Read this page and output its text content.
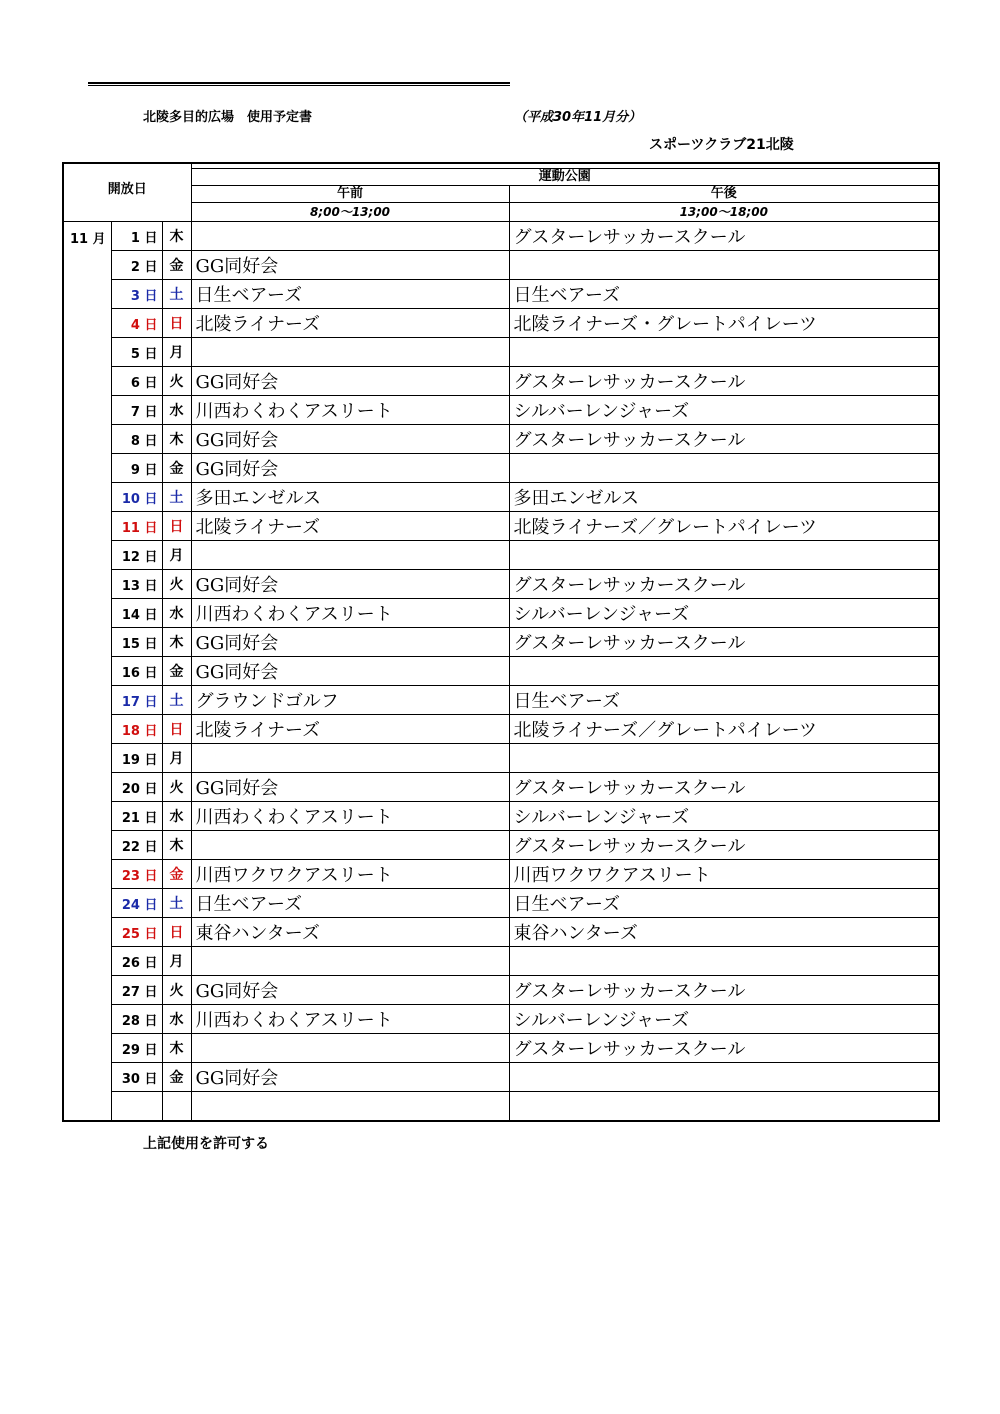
北陵多目的広場　使用予定書	（平成30年11月分）
スポーツクラブ21北陵
開放日				
			運動公園	
			午前	午後
			8;00～13;00	13;00～18;00
11 月	1 日	木		グスターレサッカースクール
	2 日	金	GG同好会	
	3 日	土	日生ベアーズ	日生ベアーズ
	4 日	日	北陵ライナーズ	北陵ライナーズ・グレートパイレーツ
	5 日	月		
	6 日	火	GG同好会	グスターレサッカースクール
	7 日	水	川西わくわくアスリート	シルバーレンジャーズ
	8 日	木	GG同好会	グスターレサッカースクール
	9 日	金	GG同好会	
	10 日	土	多田エンゼルス	多田エンゼルス
	11 日	日	北陵ライナーズ	北陵ライナーズ／グレートパイレーツ
	12 日	月		
	13 日	火	GG同好会	グスターレサッカースクール
	14 日	水	川西わくわくアスリート	シルバーレンジャーズ
	15 日	木	GG同好会	グスターレサッカースクール
	16 日	金	GG同好会	
	17 日	土	グラウンドゴルフ	日生ベアーズ
	18 日	日	北陵ライナーズ	北陵ライナーズ／グレートパイレーツ
	19 日	月		
	20 日	火	GG同好会	グスターレサッカースクール
	21 日	水	川西わくわくアスリート	シルバーレンジャーズ
	22 日	木		グスターレサッカースクール
	23 日	金	川西ワクワクアスリート	川西ワクワクアスリート
	24 日	土	日生ベアーズ	日生ベアーズ
	25 日	日	東谷ハンターズ	東谷ハンターズ
	26 日	月		
	27 日	火	GG同好会	グスターレサッカースクール
	28 日	水	川西わくわくアスリート	シルバーレンジャーズ
	29 日	木		グスターレサッカースクール
	30 日	金	GG同好会	

上記使用を許可する
